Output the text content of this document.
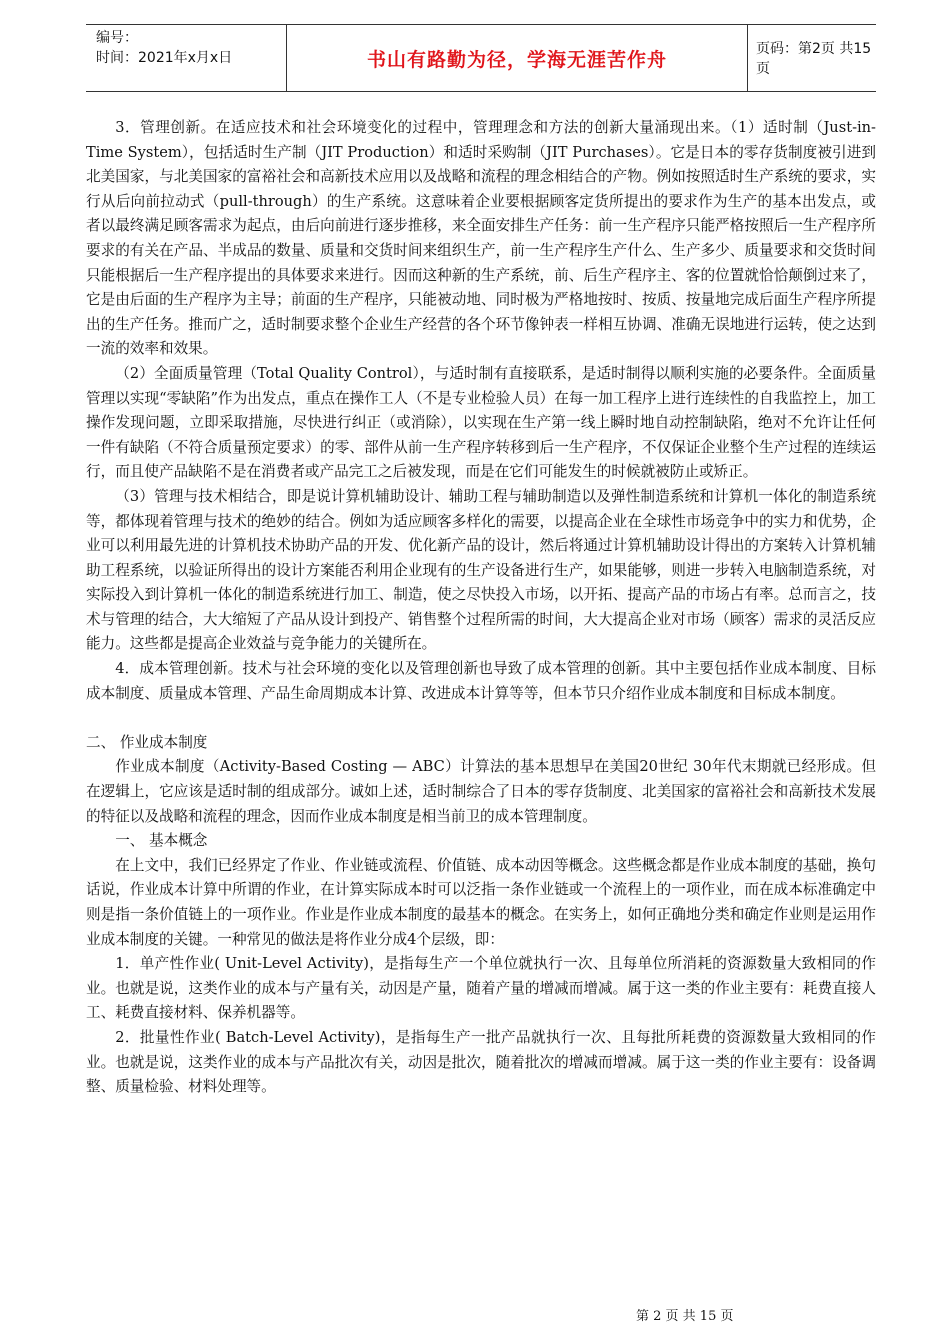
编号：
时间：2021年x月x日	书山有路勤为径，学海无涯苦作舟	页码：第2页 共15页

3．管理创新。在适应技术和社会环境变化的过程中，管理理念和方法的创新大量涌现出来。（1）适时制（Just-in-Time System），包括适时生产制（JIT Production）和适时采购制（JIT Purchases）。它是日本的零存货制度被引进到北美国家，与北美国家的富裕社会和高新技术应用以及战略和流程的理念相结合的产物。例如按照适时生产系统的要求，实行从后向前拉动式（pull-through）的生产系统。这意味着企业要根据顾客定货所提出的要求作为生产的基本出发点，或者以最终满足顾客需求为起点，由后向前进行逐步推移，来全面安排生产任务：前一生产程序只能严格按照后一生产程序所要求的有关在产品、半成品的数量、质量和交货时间来组织生产，前一生产程序生产什么、生产多少、质量要求和交货时间只能根据后一生产程序提出的具体要求来进行。因而这种新的生产系统，前、后生产程序主、客的位置就恰恰颠倒过来了，它是由后面的生产程序为主导；前面的生产程序，只能被动地、同时极为严格地按时、按质、按量地完成后面生产程序所提出的生产任务。推而广之，适时制要求整个企业生产经营的各个环节像钟表一样相互协调、准确无误地进行运转，使之达到一流的效率和效果。

（2）全面质量管理（Total Quality Control），与适时制有直接联系，是适时制得以顺利实施的必要条件。全面质量管理以实现“零缺陷”作为出发点，重点在操作工人（不是专业检验人员）在每一加工程序上进行连续性的自我监控上，加工操作发现问题，立即采取措施，尽快进行纠正（或消除），以实现在生产第一线上瞬时地自动控制缺陷，绝对不允许让任何一件有缺陷（不符合质量预定要求）的零、部件从前一生产程序转移到后一生产程序，不仅保证企业整个生产过程的连续运行，而且使产品缺陷不是在消费者或产品完工之后被发现，而是在它们可能发生的时候就被防止或矫正。

（3）管理与技术相结合，即是说计算机辅助设计、辅助工程与辅助制造以及弹性制造系统和计算机一体化的制造系统等，都体现着管理与技术的绝妙的结合。例如为适应顾客多样化的需要，以提高企业在全球性市场竞争中的实力和优势，企业可以利用最先进的计算机技术协助产品的开发、优化新产品的设计，然后将通过计算机辅助设计得出的方案转入计算机辅助工程系统，以验证所得出的设计方案能否利用企业现有的生产设备进行生产，如果能够，则进一步转入电脑制造系统，对实际投入到计算机一体化的制造系统进行加工、制造，使之尽快投入市场，以开拓、提高产品的市场占有率。总而言之，技术与管理的结合，大大缩短了产品从设计到投产、销售整个过程所需的时间，大大提高企业对市场（顾客）需求的灵活反应能力。这些都是提高企业效益与竞争能力的关键所在。

4．成本管理创新。技术与社会环境的变化以及管理创新也导致了成本管理的创新。其中主要包括作业成本制度、目标成本制度、质量成本管理、产品生命周期成本计算、改进成本计算等等，但本节只介绍作业成本制度和目标成本制度。

二、 作业成本制度

作业成本制度（Activity-Based Costing — ABC）计算法的基本思想早在美国20世纪 30年代末期就已经形成。但在逻辑上，它应该是适时制的组成部分。诚如上述，适时制综合了日本的零存货制度、北美国家的富裕社会和高新技术发展的特征以及战略和流程的理念，因而作业成本制度是相当前卫的成本管理制度。

一、 基本概念

在上文中，我们已经界定了作业、作业链或流程、价值链、成本动因等概念。这些概念都是作业成本制度的基础，换句话说，作业成本计算中所谓的作业，在计算实际成本时可以泛指一条作业链或一个流程上的一项作业，而在成本标准确定中则是指一条价值链上的一项作业。作业是作业成本制度的最基本的概念。在实务上，如何正确地分类和确定作业则是运用作业成本制度的关键。一种常见的做法是将作业分成4个层级，即：

1．单产性作业( Unit-Level Activity)，是指每生产一个单位就执行一次、且每单位所消耗的资源数量大致相同的作业。也就是说，这类作业的成本与产量有关，动因是产量，随着产量的增减而增减。属于这一类的作业主要有：耗费直接人工、耗费直接材料、保养机器等。

2．批量性作业( Batch-Level Activity)，是指每生产一批产品就执行一次、且每批所耗费的资源数量大致相同的作业。也就是说，这类作业的成本与产品批次有关，动因是批次，随着批次的增减而增减。属于这一类的作业主要有：设备调整、质量检验、材料处理等。

第 2 页 共 15 页
